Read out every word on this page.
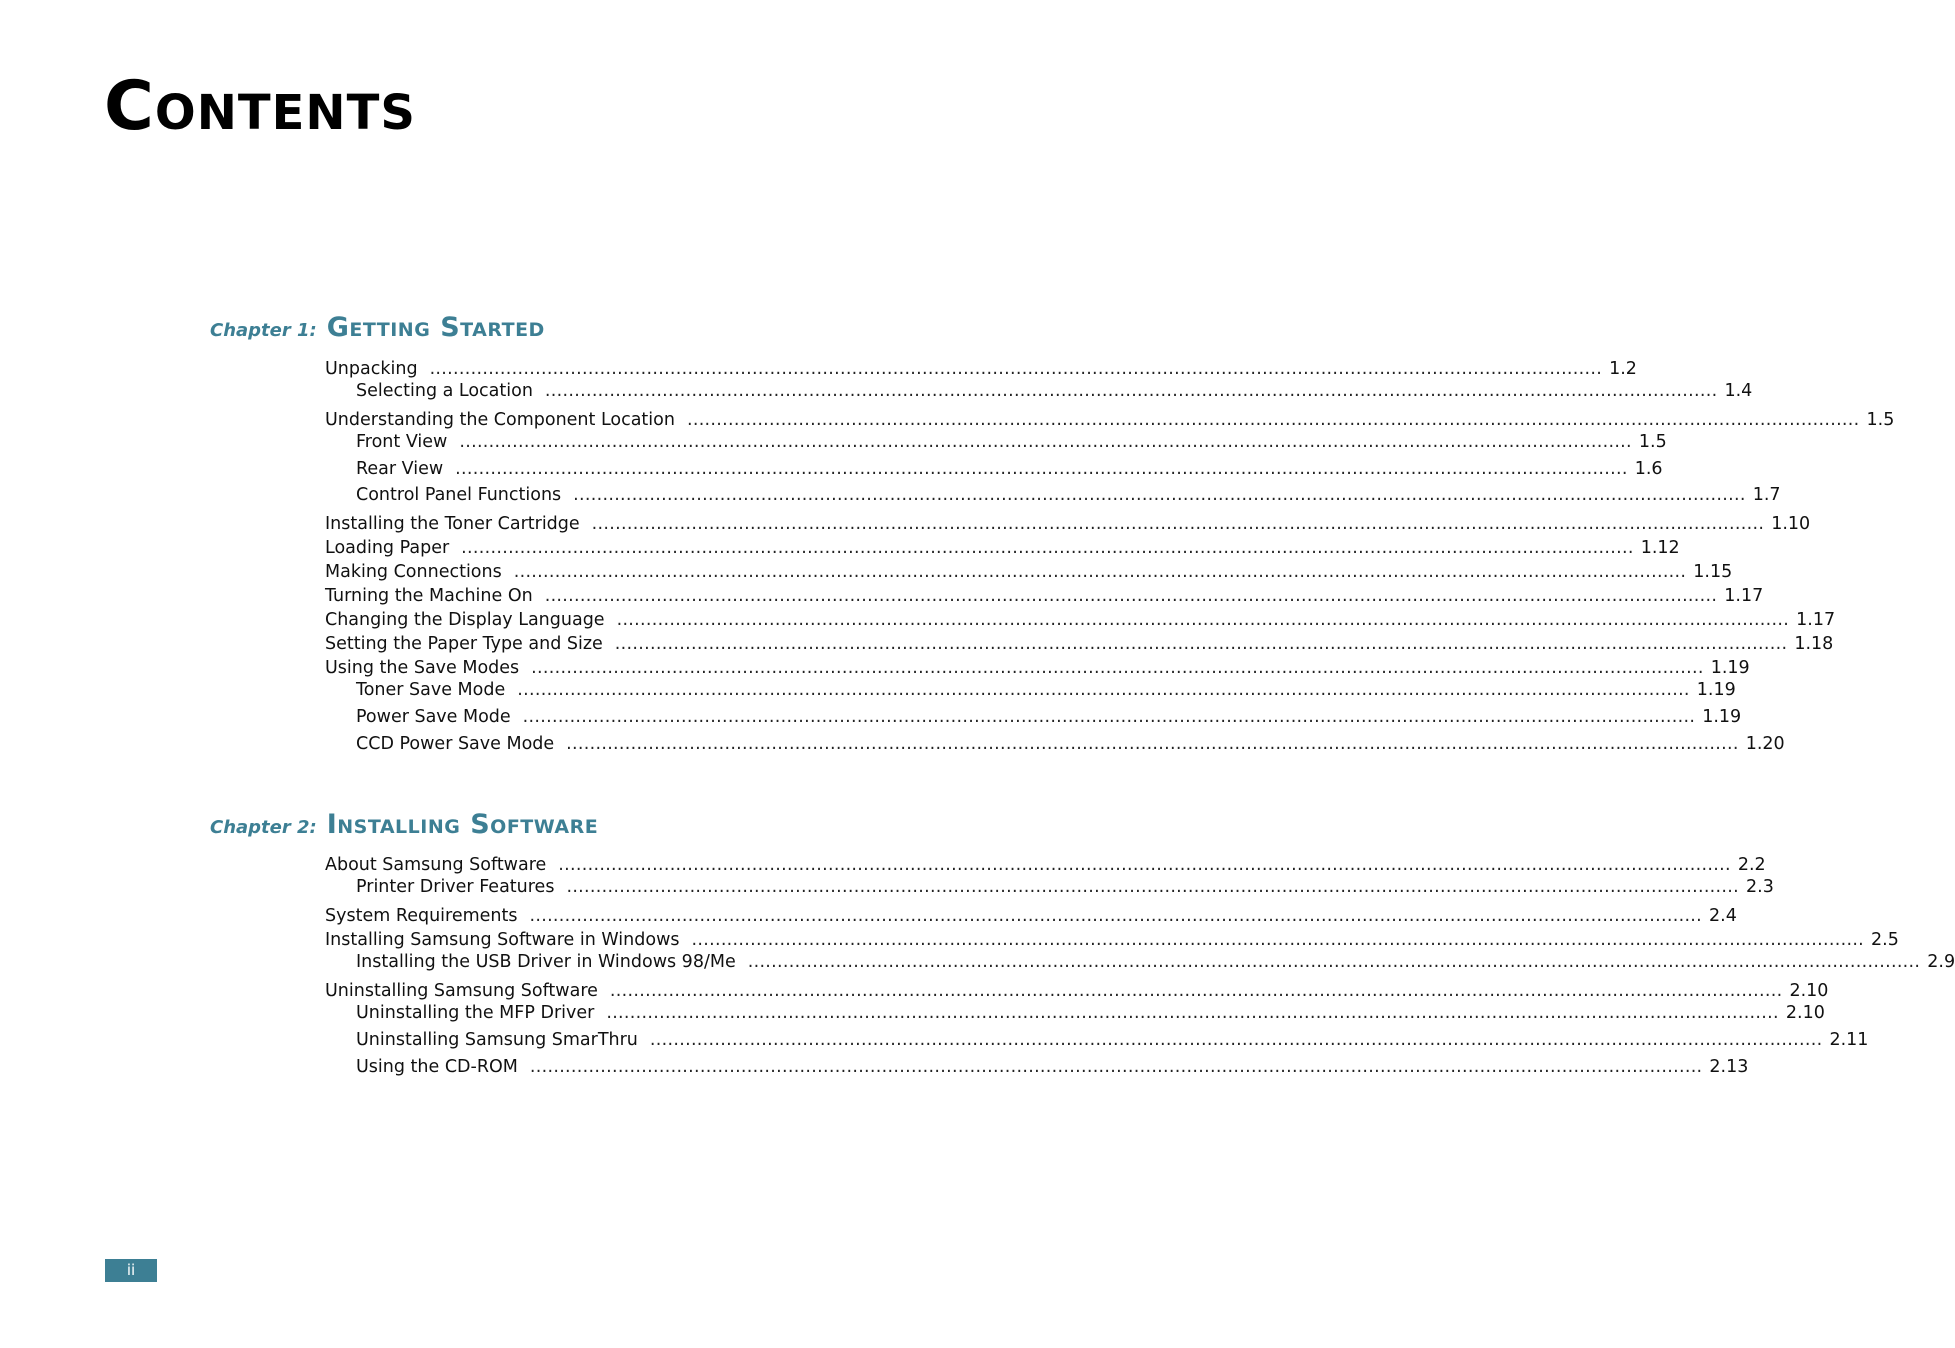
Contents
Chapter 1: Getting Started
Unpacking ........................................................................................................................................................................................................ 1.2
Selecting a Location ........................................................................................................................................................................................................ 1.4
Understanding the Component Location ........................................................................................................................................................................................................ 1.5
Front View ........................................................................................................................................................................................................ 1.5
Rear View ........................................................................................................................................................................................................ 1.6
Control Panel Functions ........................................................................................................................................................................................................ 1.7
Installing the Toner Cartridge ........................................................................................................................................................................................................ 1.10
Loading Paper ........................................................................................................................................................................................................ 1.12
Making Connections ........................................................................................................................................................................................................ 1.15
Turning the Machine On ........................................................................................................................................................................................................ 1.17
Changing the Display Language ........................................................................................................................................................................................................ 1.17
Setting the Paper Type and Size ........................................................................................................................................................................................................ 1.18
Using the Save Modes ........................................................................................................................................................................................................ 1.19
Toner Save Mode ........................................................................................................................................................................................................ 1.19
Power Save Mode ........................................................................................................................................................................................................ 1.19
CCD Power Save Mode ........................................................................................................................................................................................................ 1.20
Chapter 2: Installing Software
About Samsung Software ........................................................................................................................................................................................................ 2.2
Printer Driver Features ........................................................................................................................................................................................................ 2.3
System Requirements ........................................................................................................................................................................................................ 2.4
Installing Samsung Software in Windows ........................................................................................................................................................................................................ 2.5
Installing the USB Driver in Windows 98/Me ........................................................................................................................................................................................................ 2.9
Uninstalling Samsung Software ........................................................................................................................................................................................................ 2.10
Uninstalling the MFP Driver ........................................................................................................................................................................................................ 2.10
Uninstalling Samsung SmarThru ........................................................................................................................................................................................................ 2.11
Using the CD-ROM ........................................................................................................................................................................................................ 2.13
ii
